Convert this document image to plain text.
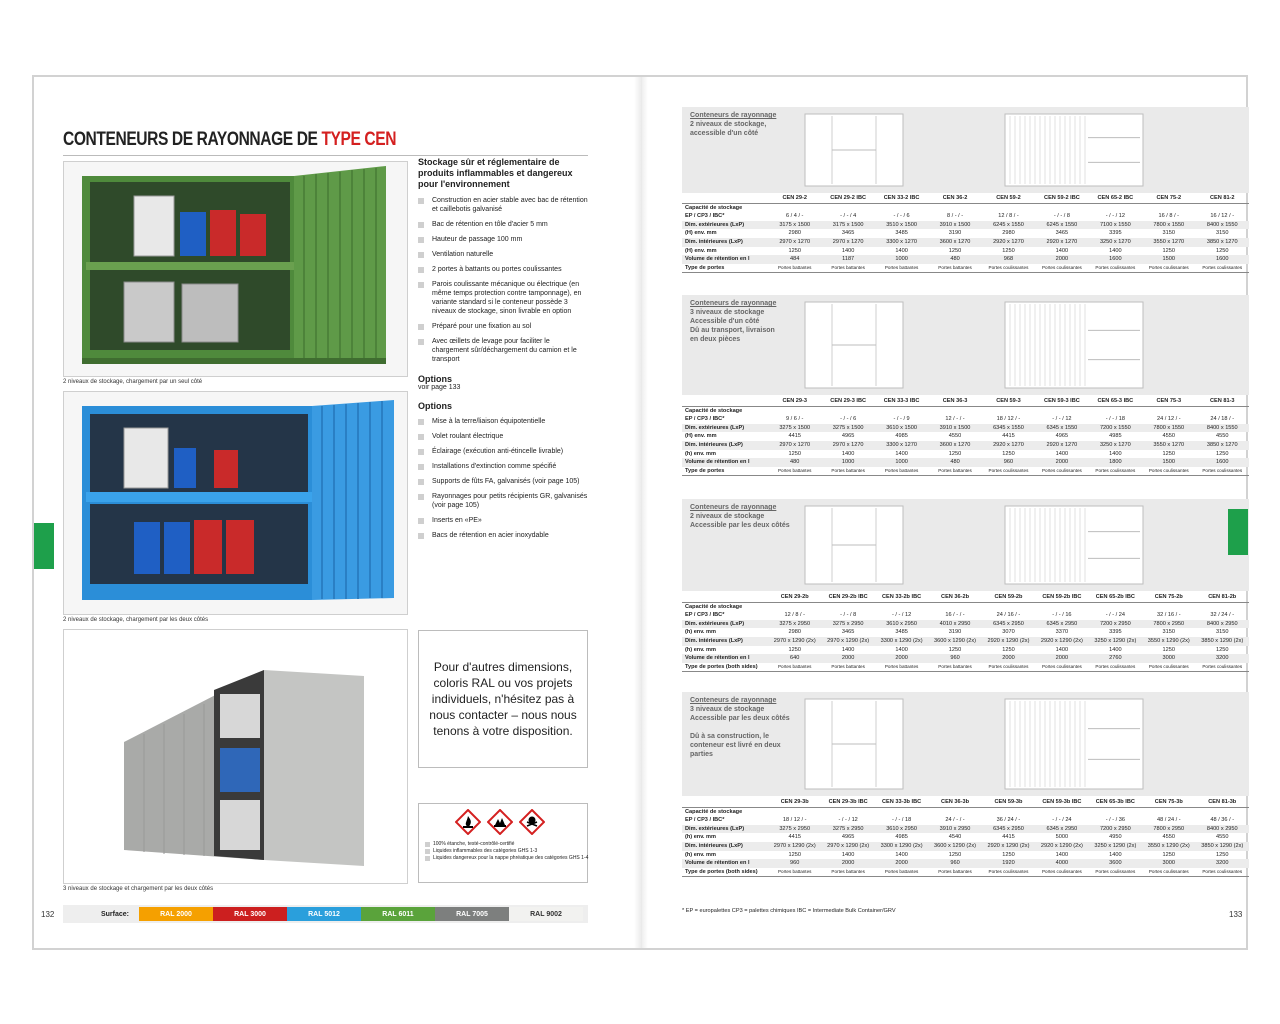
CONTENEURS DE RAYONNAGE DE TYPE CEN
2 niveaux de stockage, chargement par un seul côté
2 niveaux de stockage, chargement par les deux côtés
3 niveaux de stockage et chargement par les deux côtés
Stockage sûr et réglementaire de produits inflammables et dangereux pour l'environnement
Construction en acier stable avec bac de rétention et caillebotis galvanisé
Bac de rétention en tôle d'acier 5 mm
Hauteur de passage 100 mm
Ventilation naturelle
2 portes à battants ou portes coulissantes
Parois coulissante mécanique ou électrique (en même temps protection contre tamponnage), en variante standard si le conteneur possède 3 niveaux de stockage, sinon livrable en option
Préparé pour une fixation au sol
Avec œillets de levage pour faciliter le chargement sûr/déchargement du camion et le transport
Options
voir page 133
Options
Mise à la terre/liaison équipotentielle
Volet roulant électrique
Éclairage (exécution anti-étincelle livrable)
Installations d'extinction comme spécifié
Supports de fûts FA, galvanisés (voir page 105)
Rayonnages pour petits récipients GR, galvanisés (voir page 105)
Inserts en «PE»
Bacs de rétention en acier inoxydable
Pour d'autres dimensions, coloris RAL ou vos projets individuels, n'hésitez pas à nous contacter – nous nous tenons à votre disposition.
100% étanche, testé-contrôlé-certifié
Liquides inflammables des catégories GHS 1-3
Liquides dangereux pour la nappe phréatique des catégories GHS 1-4
Surface:	RAL 2000	RAL 3000	RAL 5012	RAL 6011	RAL 7005	RAL 9002
132	* EP = europalettes CP3 = palettes chimiques IBC = Intermediate Bulk Container/GRV	133
Conteneurs de rayonnage
2 niveaux de stockage,
accessible d'un côté
	CEN 29-2	CEN 29-2 IBC	CEN 33-2 IBC	CEN 36-2	CEN 59-2	CEN 59-2 IBC	CEN 65-2 IBC	CEN 75-2	CEN 81-2
Capacité de stockage									
EP / CP3 / IBC*	6 / 4 / -	- / - / 4	- / - / 6	8 / - / -	12 / 8 / -	- / - / 8	- / - / 12	16 / 8 / -	16 / 12 / -
Dim. extérieures (LxP)	3175 x 1500	3175 x 1500	3510 x 1500	3910 x 1500	6245 x 1550	6245 x 1550	7100 x 1550	7800 x 1550	8400 x 1550
(H) env. mm	2980	3465	3485	3190	2980	3465	3395	3150	3150
Dim. intérieures (LxP)	2970 x 1270	2970 x 1270	3300 x 1270	3600 x 1270	2920 x 1270	2920 x 1270	3250 x 1270	3550 x 1270	3850 x 1270
(H) env. mm	1250	1400	1400	1250	1250	1400	1400	1250	1250
Volume de rétention en l	484	1187	1000	480	968	2000	1600	1500	1600
Type de portes	Portes battantes	Portes battantes	Portes battantes	Portes battantes	Portes coulissantes	Portes coulissantes	Portes coulissantes	Portes coulissantes	Portes coulissantes
Conteneurs de rayonnage
3 niveaux de stockage
Accessible d'un côté
Dû au transport, livraison
en deux pièces
	CEN 29-3	CEN 29-3 IBC	CEN 33-3 IBC	CEN 36-3	CEN 59-3	CEN 59-3 IBC	CEN 65-3 IBC	CEN 75-3	CEN 81-3
Capacité de stockage									
EP / CP3 / IBC*	9 / 6 / -	- / - / 6	- / - / 9	12 / - / -	18 / 12 / -	- / - / 12	- / - / 18	24 / 12 / -	24 / 18 / -
Dim. extérieures (LxP)	3275 x 1500	3275 x 1500	3610 x 1500	3910 x 1500	6345 x 1550	6345 x 1550	7200 x 1550	7800 x 1550	8400 x 1550
(H) env. mm	4415	4965	4985	4550	4415	4965	4985	4550	4550
Dim. intérieures (LxP)	2970 x 1270	2970 x 1270	3300 x 1270	3600 x 1270	2920 x 1270	2920 x 1270	3250 x 1270	3550 x 1270	3850 x 1270
(h) env. mm	1250	1400	1400	1250	1250	1400	1400	1250	1250
Volume de rétention en l	480	1000	1000	480	960	2000	1800	1500	1600
Type de portes	Portes battantes	Portes battantes	Portes battantes	Portes battantes	Portes coulissantes	Portes coulissantes	Portes coulissantes	Portes coulissantes	Portes coulissantes
Conteneurs de rayonnage
2 niveaux de stockage
Accessible par les deux côtés
	CEN 29-2b	CEN 29-2b IBC	CEN 33-2b IBC	CEN 36-2b	CEN 59-2b	CEN 59-2b IBC	CEN 65-2b IBC	CEN 75-2b	CEN 81-2b
Capacité de stockage									
EP / CP3 / IBC*	12 / 8 / -	- / - / 8	- / - / 12	16 / - / -	24 / 16 / -	- / - / 16	- / - / 24	32 / 16 / -	32 / 24 / -
Dim. extérieures (LxP)	3275 x 2950	3275 x 2950	3610 x 2950	4010 x 2950	6345 x 2950	6345 x 2950	7200 x 2950	7800 x 2950	8400 x 2950
(h) env. mm	2980	3465	3485	3190	3070	3370	3395	3150	3150
Dim. intérieures (LxP)	2970 x 1290 (2x)	2970 x 1290 (2x)	3300 x 1290 (2x)	3600 x 1290 (2x)	2920 x 1290 (2x)	2920 x 1290 (2x)	3250 x 1290 (2x)	3550 x 1290 (2x)	3850 x 1290 (2x)
(h) env. mm	1250	1400	1400	1250	1250	1400	1400	1250	1250
Volume de rétention en l	640	2000	2000	960	2000	2000	2760	3000	3200
Type de portes (both sides)	Portes battantes	Portes battantes	Portes battantes	Portes battantes	Portes coulissantes	Portes coulissantes	Portes coulissantes	Portes coulissantes	Portes coulissantes
Conteneurs de rayonnage
3 niveaux de stockage
Accessible par les deux côtés
Dû à sa construction, le
conteneur est livré en deux
parties
	CEN 29-3b	CEN 29-3b IBC	CEN 33-3b IBC	CEN 36-3b	CEN 59-3b	CEN 59-3b IBC	CEN 65-3b IBC	CEN 75-3b	CEN 81-3b
Capacité de stockage									
EP / CP3 / IBC*	18 / 12 / -	- / - / 12	- / - / 18	24 / - / -	36 / 24 / -	- / - / 24	- / - / 36	48 / 24 / -	48 / 36 / -
Dim. extérieures (LxP)	3275 x 2950	3275 x 2950	3610 x 2950	3910 x 2950	6345 x 2950	6345 x 2950	7200 x 2950	7800 x 2950	8400 x 2950
(h) env. mm	4415	4965	4985	4540	4415	5000	4950	4550	4550
Dim. intérieures (LxP)	2970 x 1290 (2x)	2970 x 1290 (2x)	3300 x 1290 (2x)	3600 x 1290 (2x)	2920 x 1290 (2x)	2920 x 1290 (2x)	3250 x 1290 (2x)	3550 x 1290 (2x)	3850 x 1290 (2x)
(h) env. mm	1250	1400	1400	1250	1250	1400	1400	1250	1250
Volume de rétention en l	960	2000	2000	960	1920	4000	3600	3000	3200
Type de portes (both sides)	Portes battantes	Portes battantes	Portes battantes	Portes battantes	Portes coulissantes	Portes coulissantes	Portes coulissantes	Portes coulissantes	Portes coulissantes
